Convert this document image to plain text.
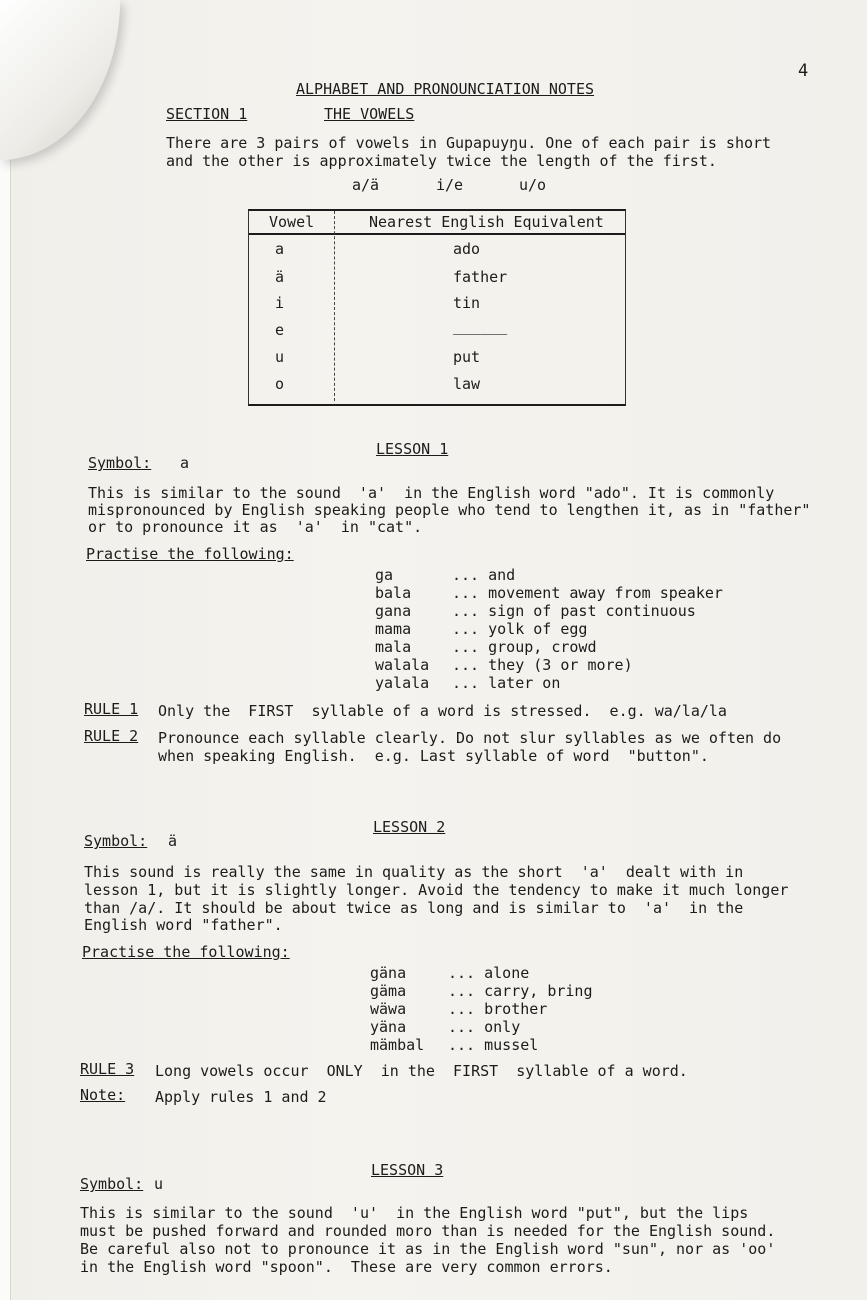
4
ALPHABET AND PRONOUNCIATION NOTES
SECTION 1	THE VOWELS
There are 3 pairs of vowels in Gupapuyŋu. One of each pair is short
and the other is approximately twice the length of the first.
a/ä	i/e	u/o
Vowel	Nearest English Equivalent
a	ado
ä	father
i	tin
e	______
u	put
o	law
LESSON 1
Symbol: a
This is similar to the sound  'a'  in the English word "ado". It is commonly
mispronounced by English speaking people who tend to lengthen it, as in "father"
or to pronounce it as  'a'  in "cat".
Practise the following:
ga	... and
bala	... movement away from speaker
gana	... sign of past continuous
mama	... yolk of egg
mala	... group, crowd
walala ... they (3 or more)
yalala ... later on
RULE 1 Only the  FIRST  syllable of a word is stressed.  e.g. wa/la/la
RULE 2 Pronounce each syllable clearly. Do not slur syllables as we often do
when speaking English.  e.g. Last syllable of word  "button".
LESSON 2
Symbol: ä
This sound is really the same in quality as the short  'a'  dealt with in
lesson 1, but it is slightly longer. Avoid the tendency to make it much longer
than /a/. It should be about twice as long and is similar to  'a'  in the
English word "father".
Practise the following:
gäna	... alone
gäma	... carry, bring
wäwa	... brother
yäna	... only
mämbal ... mussel
RULE 3 Long vowels occur  ONLY  in the  FIRST  syllable of a word.
Note: Apply rules 1 and 2
LESSON 3
Symbol: u
This is similar to the sound  'u'  in the English word "put", but the lips
must be pushed forward and rounded moro than is needed for the English sound.
Be careful also not to pronounce it as in the English word "sun", nor as 'oo'
in the English word "spoon".  These are very common errors.
